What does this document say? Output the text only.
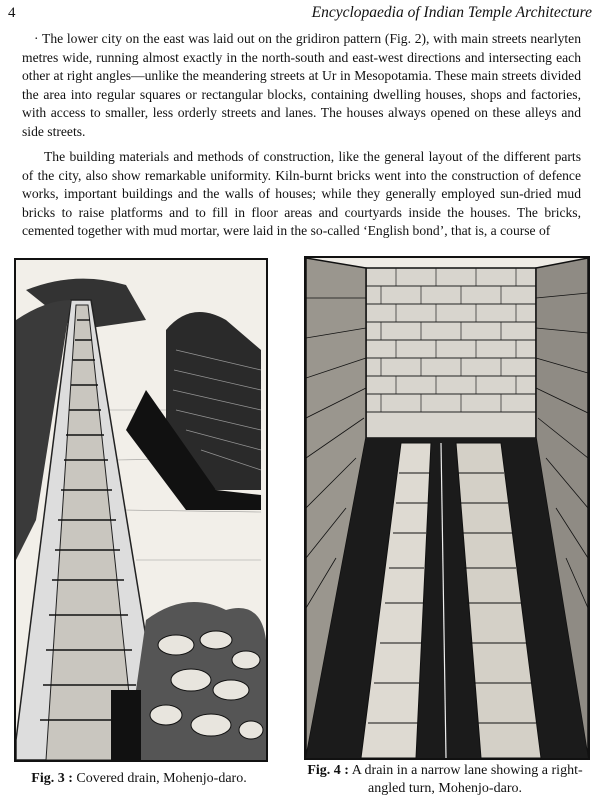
4	Encyclopaedia of Indian Temple Architecture

· The lower city on the east was laid out on the gridiron pattern (Fig. 2), with main streets nearlyten metres wide, running almost exactly in the north-south and east-west directions and intersecting each other at right angles—unlike the meandering streets at Ur in Mesopotamia. These main streets divided the area into regular squares or rectangular blocks, containing dwelling houses, shops and factories, with access to smaller, less orderly streets and lanes. The houses always opened on these alleys and side streets.

The building materials and methods of construction, like the general layout of the different parts of the city, also show remarkable uniformity. Kiln-burnt bricks went into the construction of defence works, important buildings and the walls of houses; while they generally employed sun-dried mud bricks to raise platforms and to fill in floor areas and courtyards inside the houses. The bricks, cemented together with mud mortar, were laid in the so-called ‘English bond’, that is, a course of

Fig. 3 : Covered drain, Mohenjo-daro.
Fig. 4 : A drain in a narrow lane showing a right-angled turn, Mohenjo-daro.
